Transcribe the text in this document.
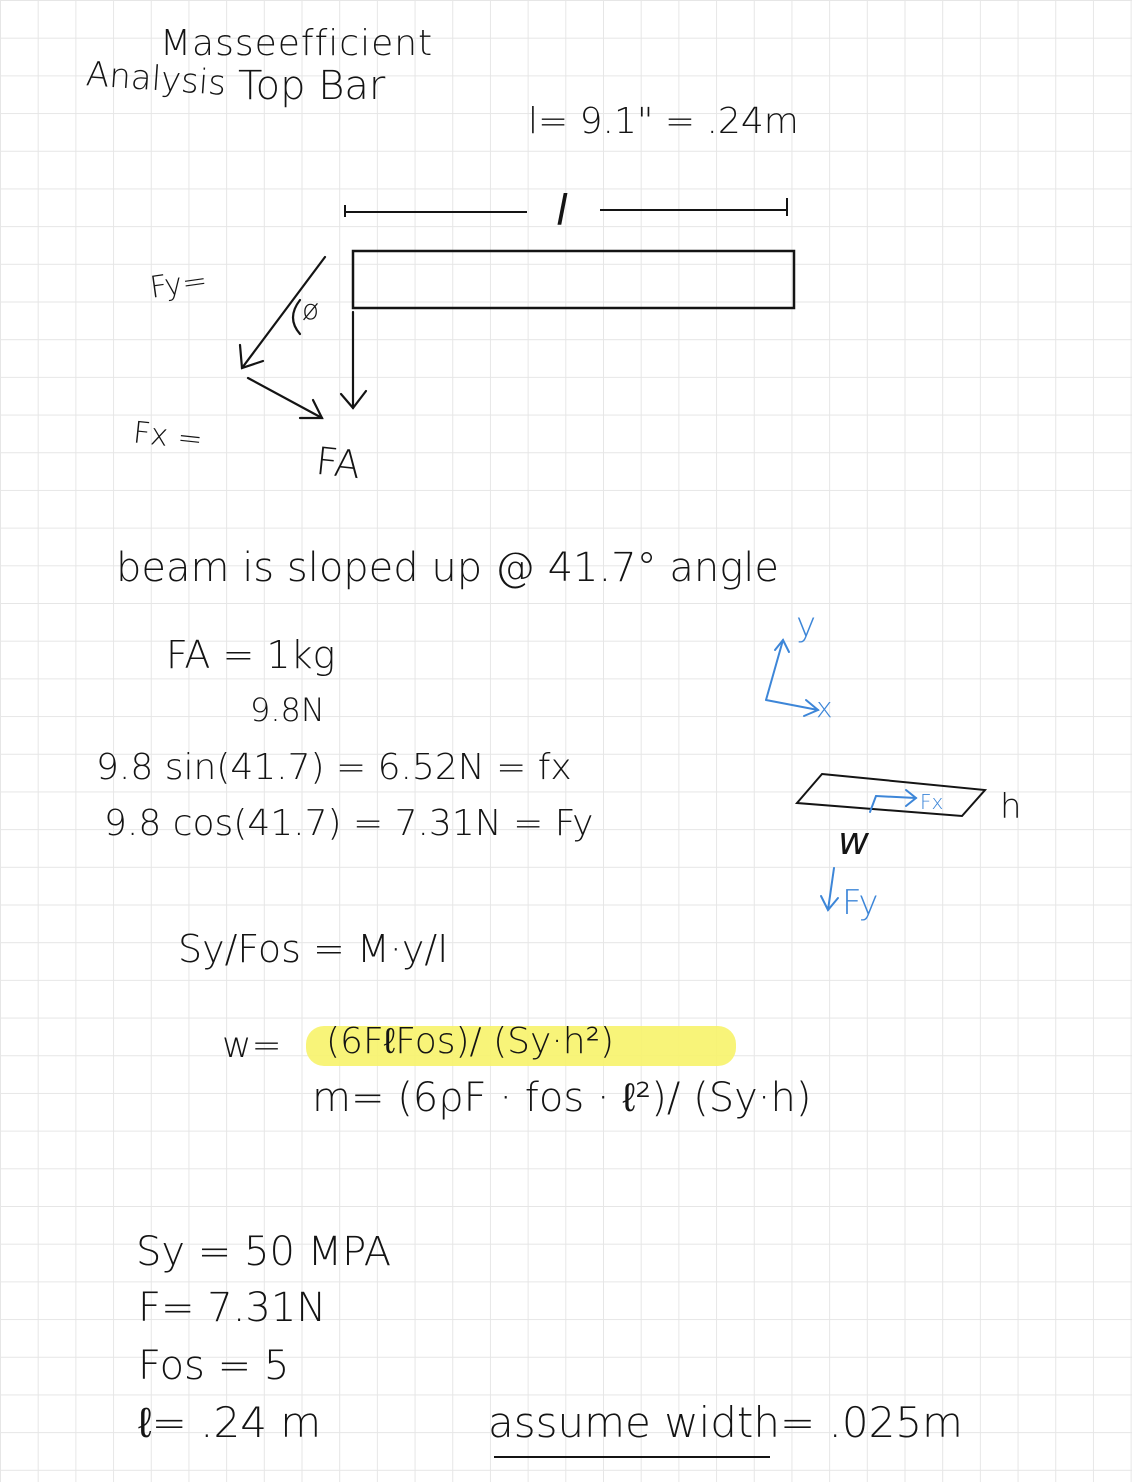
Masseefficient
Analysis Top Bar
l= 9.1" = .24m
l
Fy=
ø
Fx =
FA
beam is sloped up @ 41.7° angle
FA = 1kg
9.8N
y
x
9.8 sin(41.7) = 6.52N = fx
9.8 cos(41.7) = 7.31N = Fy
Fx h
w
Fy
Sy/Fos = M·y/I
w= (6FℓFos)/ (Sy·h²)
m= (6ρF · fos · ℓ²)/ (Sy·h)
Sy = 50 MPA
F= 7.31N
Fos = 5
ℓ= .24 m	assume width= .025m
